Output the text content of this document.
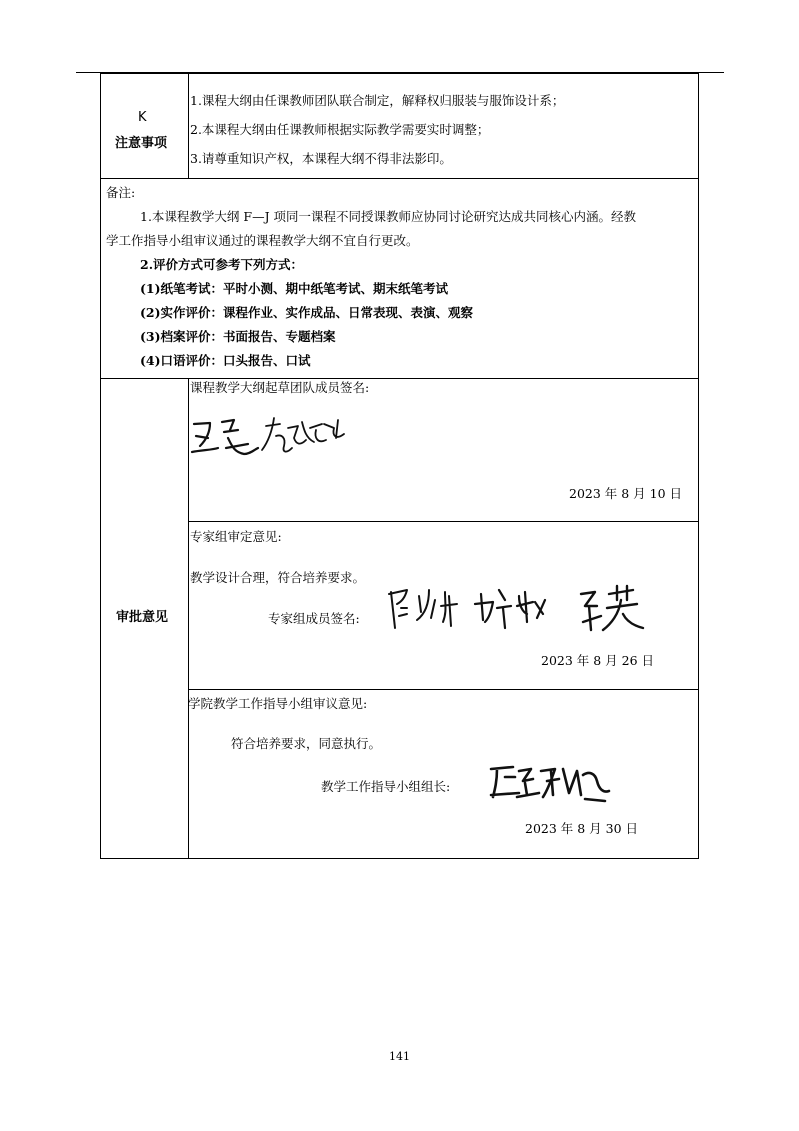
K
注意事项
1.课程大纲由任课教师团队联合制定，解释权归服装与服饰设计系；
2.本课程大纲由任课教师根据实际教学需要实时调整；
3.请尊重知识产权，本课程大纲不得非法影印。
备注:
1.本课程教学大纲 F—J 项同一课程不同授课教师应协同讨论研究达成共同核心内涵。经教
学工作指导小组审议通过的课程教学大纲不宜自行更改。
2.评价方式可参考下列方式：
(1)纸笔考试：平时小测、期中纸笔考试、期末纸笔考试
(2)实作评价：课程作业、实作成品、日常表现、表演、观察
(3)档案评价：书面报告、专题档案
(4)口语评价：口头报告、口试
审批意见
课程教学大纲起草团队成员签名:
2023 年 8 月 10 日
专家组审定意见:
教学设计合理，符合培养要求。
专家组成员签名:
2023 年 8 月 26 日
学院教学工作指导小组审议意见:
符合培养要求，同意执行。
教学工作指导小组组长:
2023 年 8 月 30 日
141
